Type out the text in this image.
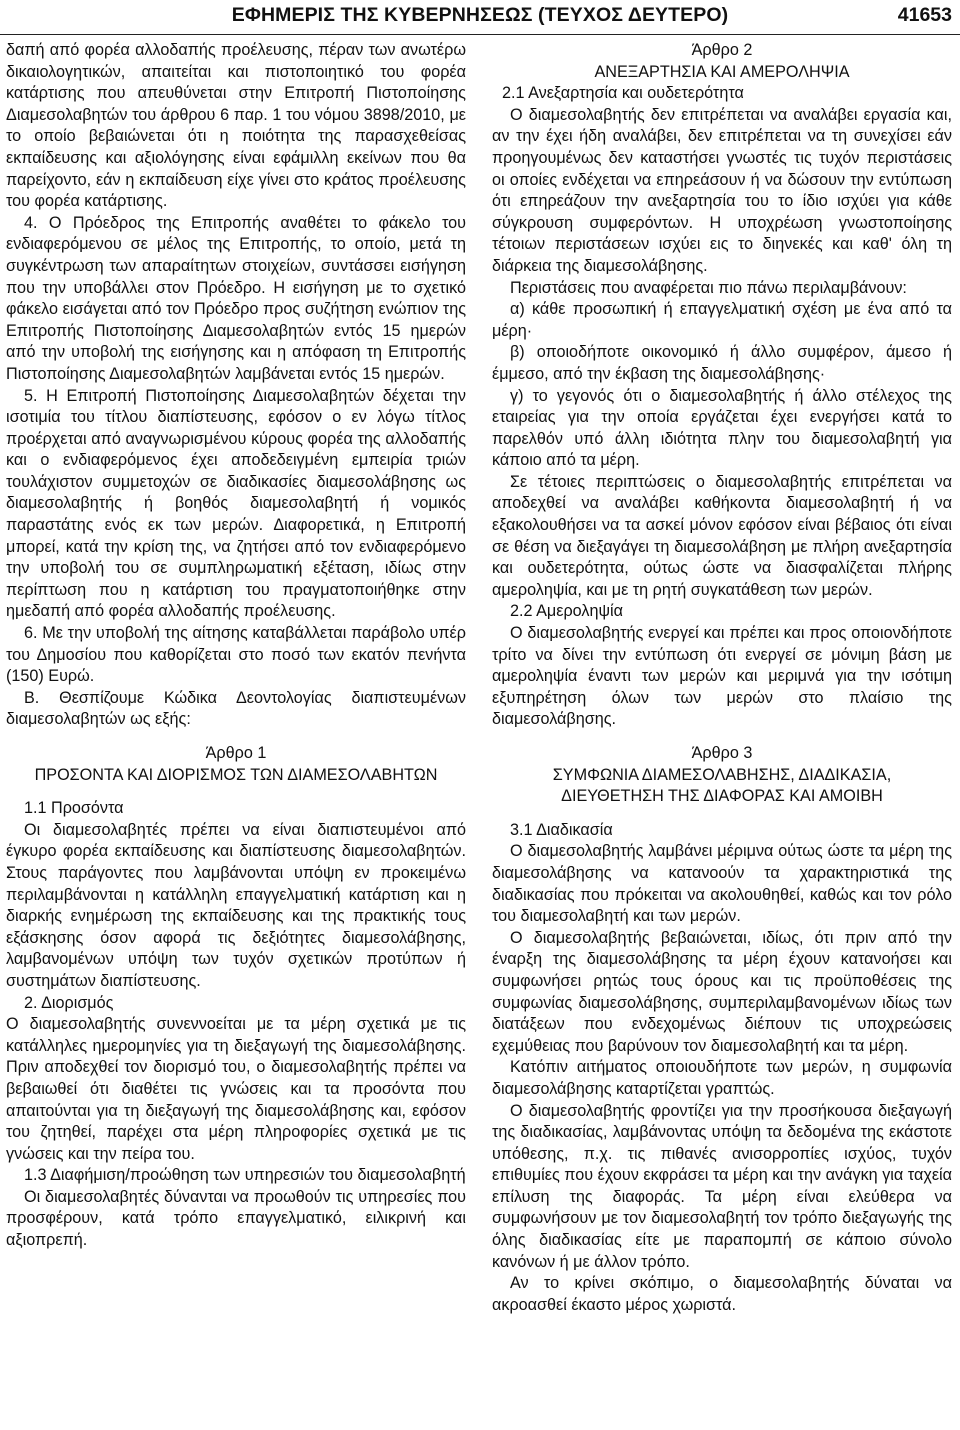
ΕΦΗΜΕΡΙΣ ΤΗΣ ΚΥΒΕΡΝΗΣΕΩΣ (ΤΕΥΧΟΣ ΔΕΥΤΕΡΟ)	41653

δαπή από φορέα αλλοδαπής προέλευσης, πέραν των ανωτέρω δικαιολογητικών, απαιτείται και πιστοποιητικό του φορέα κατάρτισης που απευθύνεται στην Επιτροπή Πιστοποίησης Διαμεσολαβητών του άρθρου 6 παρ. 1 του νόμου 3898/2010, με το οποίο βεβαιώνεται ότι η ποιότητα της παρασχεθείσας εκπαίδευσης και αξιολόγησης είναι εφάμιλλη εκείνων που θα παρείχοντο, εάν η εκπαίδευση είχε γίνει στο κράτος προέλευσης του φορέα κατάρτισης.

4. Ο Πρόεδρος της Επιτροπής αναθέτει το φάκελο του ενδιαφερόμενου σε μέλος της Επιτροπής, το οποίο, μετά τη συγκέντρωση των απαραίτητων στοιχείων, συντάσσει εισήγηση που την υποβάλλει στον Πρόεδρο. Η εισήγηση με το σχετικό φάκελο εισάγεται από τον Πρόεδρο προς συζήτηση ενώπιον της Επιτροπής Πιστοποίησης Διαμεσολαβητών εντός 15 ημερών από την υποβολή της εισήγησης και η απόφαση τη Επιτροπής Πιστοποίησης Διαμεσολαβητών λαμβάνεται εντός 15 ημερών.

5. Η Επιτροπή Πιστοποίησης Διαμεσολαβητών δέχεται την ισοτιμία του τίτλου διαπίστευσης, εφόσον ο εν λόγω τίτλος προέρχεται από αναγνωρισμένου κύρους φορέα της αλλοδαπής και ο ενδιαφερόμενος έχει αποδεδειγμένη εμπειρία τριών τουλάχιστον συμμετοχών σε διαδικασίες διαμεσολάβησης ως διαμεσολαβητής ή βοηθός διαμεσολαβητή ή νομικός παραστάτης ενός εκ των μερών. Διαφορετικά, η Επιτροπή μπορεί, κατά την κρίση της, να ζητήσει από τον ενδιαφερόμενο την υποβολή του σε συμπληρωματική εξέταση, ιδίως στην περίπτωση που η κατάρτιση του πραγματοποιήθηκε στην ημεδαπή από φορέα αλλοδαπής προέλευσης.

6. Με την υποβολή της αίτησης καταβάλλεται παράβολο υπέρ του Δημοσίου που καθορίζεται στο ποσό των εκατόν πενήντα (150) Ευρώ.

Β. Θεσπίζουμε Κώδικα Δεοντολογίας διαπιστευμένων διαμεσολαβητών ως εξής:

Άρθρο 1

ΠΡΟΣΟΝΤΑ ΚΑΙ ΔΙΟΡΙΣΜΟΣ ΤΩΝ ΔΙΑΜΕΣΟΛΑΒΗΤΩΝ

1.1 Προσόντα

Οι διαμεσολαβητές πρέπει να είναι διαπιστευμένοι από έγκυρο φορέα εκπαίδευσης και διαπίστευσης διαμεσολαβητών. Στους παράγοντες που λαμβάνονται υπόψη εν προκειμένω περιλαμβάνονται η κατάλληλη επαγγελματική κατάρτιση και η διαρκής ενημέρωση της εκπαίδευσης και της πρακτικής τους εξάσκησης όσον αφορά τις δεξιότητες διαμεσολάβησης, λαμβανομένων υπόψη των τυχόν σχετικών προτύπων ή συστημάτων διαπίστευσης.

2. Διορισμός

Ο διαμεσολαβητής συνεννοείται με τα μέρη σχετικά με τις κατάλληλες ημερομηνίες για τη διεξαγωγή της διαμεσολάβησης. Πριν αποδεχθεί τον διορισμό του, ο διαμεσολαβητής πρέπει να βεβαιωθεί ότι διαθέτει τις γνώσεις και τα προσόντα που απαιτούνται για τη διεξαγωγή της διαμεσολάβησης και, εφόσον του ζητηθεί, παρέχει στα μέρη πληροφορίες σχετικά με τις γνώσεις και την πείρα του.

1.3 Διαφήμιση/προώθηση των υπηρεσιών του διαμεσολαβητή

Οι διαμεσολαβητές δύνανται να προωθούν τις υπηρεσίες που προσφέρουν, κατά τρόπο επαγγελματικό, ειλικρινή και αξιοπρεπή.

Άρθρο 2

ΑΝΕΞΑΡΤΗΣΙΑ ΚΑΙ ΑΜΕΡΟΛΗΨΙΑ

2.1 Ανεξαρτησία και ουδετερότητα

Ο διαμεσολαβητής δεν επιτρέπεται να αναλάβει εργασία και, αν την έχει ήδη αναλάβει, δεν επιτρέπεται να τη συνεχίσει εάν προηγουμένως δεν καταστήσει γνωστές τις τυχόν περιστάσεις οι οποίες ενδέχεται να επηρεάσουν ή να δώσουν την εντύπωση ότι επηρεάζουν την ανεξαρτησία του το ίδιο ισχύει για κάθε σύγκρουση συμφερόντων. Η υποχρέωση γνωστοποίησης τέτοιων περιστάσεων ισχύει εις το διηνεκές και καθ' όλη τη διάρκεια της διαμεσολάβησης.

Περιστάσεις που αναφέρεται πιο πάνω περιλαμβάνουν:

α) κάθε προσωπική ή επαγγελματική σχέση με ένα από τα μέρη·

β) οποιοδήποτε οικονομικό ή άλλο συμφέρον, άμεσο ή έμμεσο, από την έκβαση της διαμεσολάβησης·

γ) το γεγονός ότι ο διαμεσολαβητής ή άλλο στέλεχος της εταιρείας για την οποία εργάζεται έχει ενεργήσει κατά το παρελθόν υπό άλλη ιδιότητα πλην του διαμεσολαβητή για κάποιο από τα μέρη.

Σε τέτοιες περιπτώσεις ο διαμεσολαβητής επιτρέπεται να αποδεχθεί να αναλάβει καθήκοντα διαμεσολαβητή ή να εξακολουθήσει να τα ασκεί μόνον εφόσον είναι βέβαιος ότι είναι σε θέση να διεξαγάγει τη διαμεσολάβηση με πλήρη ανεξαρτησία και ουδετερότητα, ούτως ώστε να διασφαλίζεται πλήρης αμεροληψία, και με τη ρητή συγκατάθεση των μερών.

2.2 Αμεροληψία

Ο διαμεσολαβητής ενεργεί και πρέπει και προς οποιονδήποτε τρίτο να δίνει την εντύπωση ότι ενεργεί σε μόνιμη βάση με αμεροληψία έναντι των μερών και μεριμνά για την ισότιμη εξυπηρέτηση όλων των μερών στο πλαίσιο της διαμεσολάβησης.

Άρθρο 3

ΣΥΜΦΩΝΙΑ ΔΙΑΜΕΣΟΛΑΒΗΣΗΣ, ΔΙΑΔΙΚΑΣΙΑ,

ΔΙΕΥΘΕΤΗΣΗ ΤΗΣ ΔΙΑΦΟΡΑΣ ΚΑΙ ΑΜΟΙΒΗ

3.1 Διαδικασία

Ο διαμεσολαβητής λαμβάνει μέριμνα ούτως ώστε τα μέρη της διαμεσολάβησης να κατανοούν τα χαρακτηριστικά της διαδικασίας που πρόκειται να ακολουθηθεί, καθώς και τον ρόλο του διαμεσολαβητή και των μερών.

Ο διαμεσολαβητής βεβαιώνεται, ιδίως, ότι πριν από την έναρξη της διαμεσολάβησης τα μέρη έχουν κατανοήσει και συμφωνήσει ρητώς τους όρους και τις προϋποθέσεις της συμφωνίας διαμεσολάβησης, συμπεριλαμβανομένων ιδίως των διατάξεων που ενδεχομένως διέπουν τις υποχρεώσεις εχεμύθειας που βαρύνουν τον διαμεσολαβητή και τα μέρη.

Κατόπιν αιτήματος οποιουδήποτε των μερών, η συμφωνία διαμεσολάβησης καταρτίζεται γραπτώς.

Ο διαμεσολαβητής φροντίζει για την προσήκουσα διεξαγωγή της διαδικασίας, λαμβάνοντας υπόψη τα δεδομένα της εκάστοτε υπόθεσης, π.χ. τις πιθανές ανισορροπίες ισχύος, τυχόν επιθυμίες που έχουν εκφράσει τα μέρη και την ανάγκη για ταχεία επίλυση της διαφοράς. Τα μέρη είναι ελεύθερα να συμφωνήσουν με τον διαμεσολαβητή τον τρόπο διεξαγωγής της όλης διαδικασίας είτε με παραπομπή σε κάποιο σύνολο κανόνων ή με άλλον τρόπο.

Αν το κρίνει σκόπιμο, ο διαμεσολαβητής δύναται να ακροασθεί έκαστο μέρος χωριστά.
